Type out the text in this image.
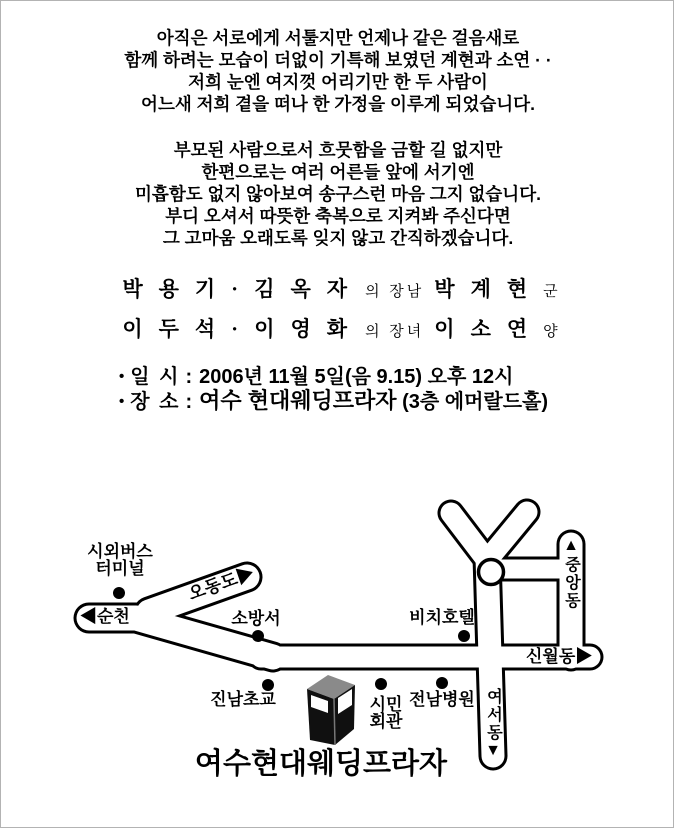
아직은 서로에게 서툴지만 언제나 같은 걸음새로
함께 하려는 모습이 더없이 기특해 보였던 계현과 소연 · ·
저희 눈엔 여지껏 어리기만 한 두 사람이
어느새 저희 곁을 떠나 한 가정을 이루게 되었습니다.
부모된 사람으로서 흐뭇함을 금할 길 없지만
한편으로는 여러 어른들 앞에 서기엔
미흡함도 없지 않아보여 송구스런 마음 그지 없습니다.
부디 오셔서 따뜻한 축복으로 지켜봐 주신다면
그 고마움 오래도록 잊지 않고 간직하겠습니다.
박용기·김옥자 의 장남 박계현 군
이두석·이영화 의 장녀 이소연 양
• 일 시 : 2006년 11월 5일(음 9.15) 오후 12시
• 장 소 : 여수 현대웨딩프라자 (3층 에머랄드홀)
시외버스
터미널
◀순천
오동도▶
소방서	비치호텔
신월동▶
▲중앙동
여서동▼
진남초교	시민
회관
전남병원
여수현대웨딩프라자
